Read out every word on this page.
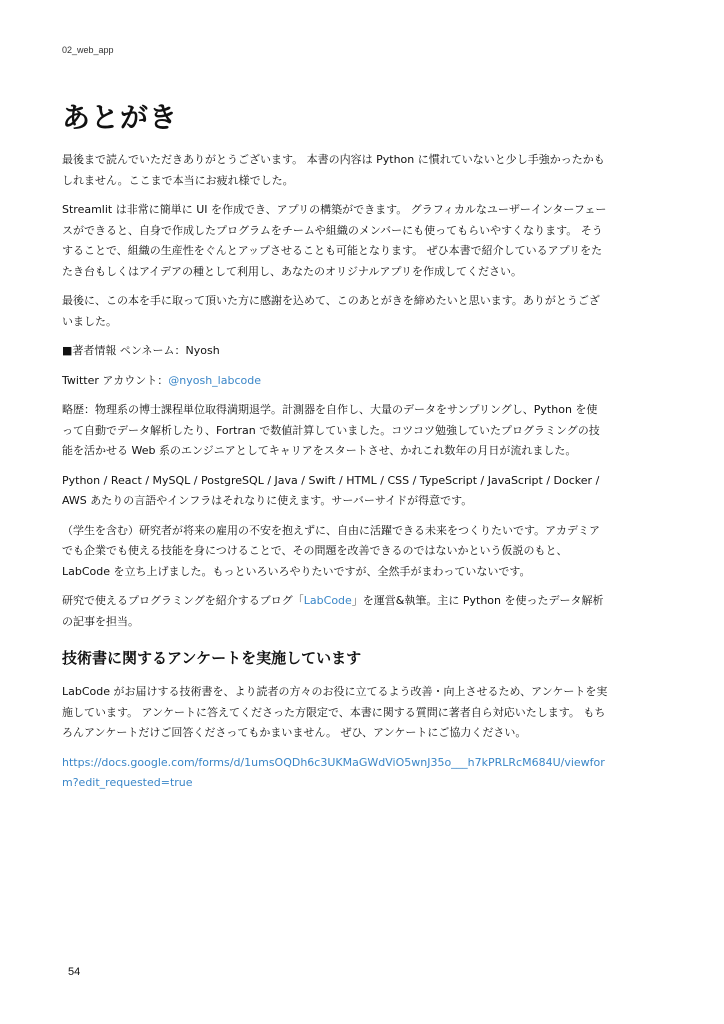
02_web_app
あとがき

最後まで読んでいただきありがとうございます。 本書の内容は Python に慣れていないと少し手強かったかもしれません。ここまで本当にお疲れ様でした。

Streamlit は非常に簡単に UI を作成でき、アプリの構築ができます。 グラフィカルなユーザーインターフェースができると、自身で作成したプログラムをチームや組織のメンバーにも使ってもらいやすくなります。 そうすることで、組織の生産性をぐんとアップさせることも可能となります。 ぜひ本書で紹介しているアプリをたたき台もしくはアイデアの種として利用し、あなたのオリジナルアプリを作成してください。

最後に、この本を手に取って頂いた方に感謝を込めて、このあとがきを締めたいと思います。ありがとうございました。

■著者情報 ペンネーム：Nyosh

Twitter アカウント：@nyosh_labcode

略歴：物理系の博士課程単位取得満期退学。計測器を自作し、大量のデータをサンプリングし、Python を使って自動でデータ解析したり、Fortran で数値計算していました。コツコツ勉強していたプログラミングの技能を活かせる Web 系のエンジニアとしてキャリアをスタートさせ、かれこれ数年の月日が流れました。

Python / React / MySQL / PostgreSQL / Java / Swift / HTML / CSS / TypeScript / JavaScript / Docker / AWS あたりの言語やインフラはそれなりに使えます。サーバーサイドが得意です。

（学生を含む）研究者が将来の雇用の不安を抱えずに、自由に活躍できる未来をつくりたいです。アカデミアでも企業でも使える技能を身につけることで、その問題を改善できるのではないかという仮説のもと、LabCode を立ち上げました。もっといろいろやりたいですが、全然手がまわっていないです。

研究で使えるプログラミングを紹介するブログ「LabCode」を運営&執筆。主に Python を使ったデータ解析の記事を担当。

技術書に関するアンケートを実施しています

LabCode がお届けする技術書を、より読者の方々のお役に立てるよう改善・向上させるため、アンケートを実施しています。 アンケートに答えてくださった方限定で、本書に関する質問に著者自ら対応いたします。 もちろんアンケートだけご回答くださってもかまいません。 ぜひ、アンケートにご協力ください。

https://docs.google.com/forms/d/1umsOQDh6c3UKMaGWdViO5wnJ35o___h7kPRLRcM684U/viewform?edit_requested=true

54
